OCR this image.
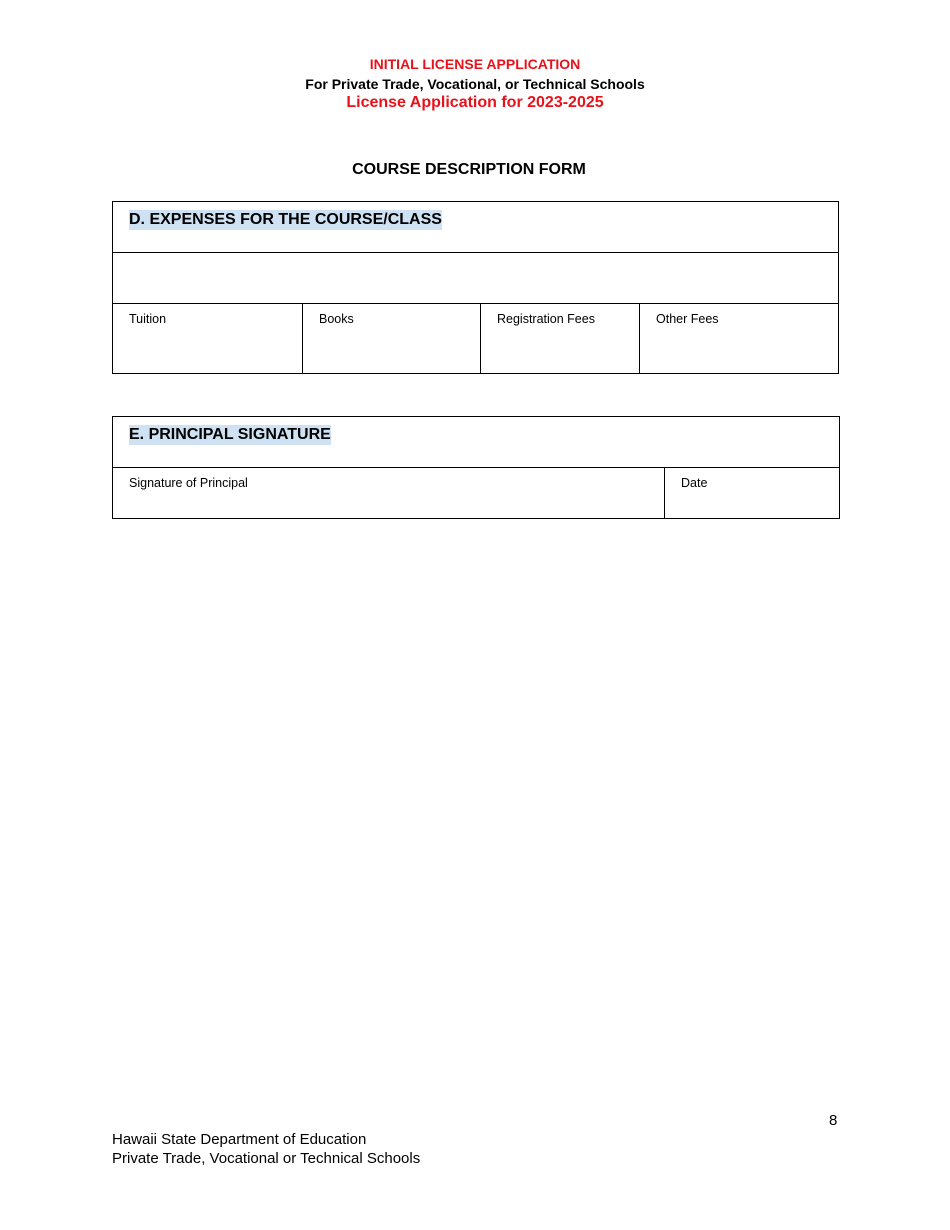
INITIAL LICENSE APPLICATION
For Private Trade, Vocational, or Technical Schools
License Application for 2023-2025
COURSE DESCRIPTION FORM
D. EXPENSES FOR THE COURSE/CLASS

Tuition	Books	Registration Fees	Other Fees
E. PRINCIPAL SIGNATURE

Signature of Principal	Date
8
Hawaii State Department of Education
Private Trade, Vocational or Technical Schools
